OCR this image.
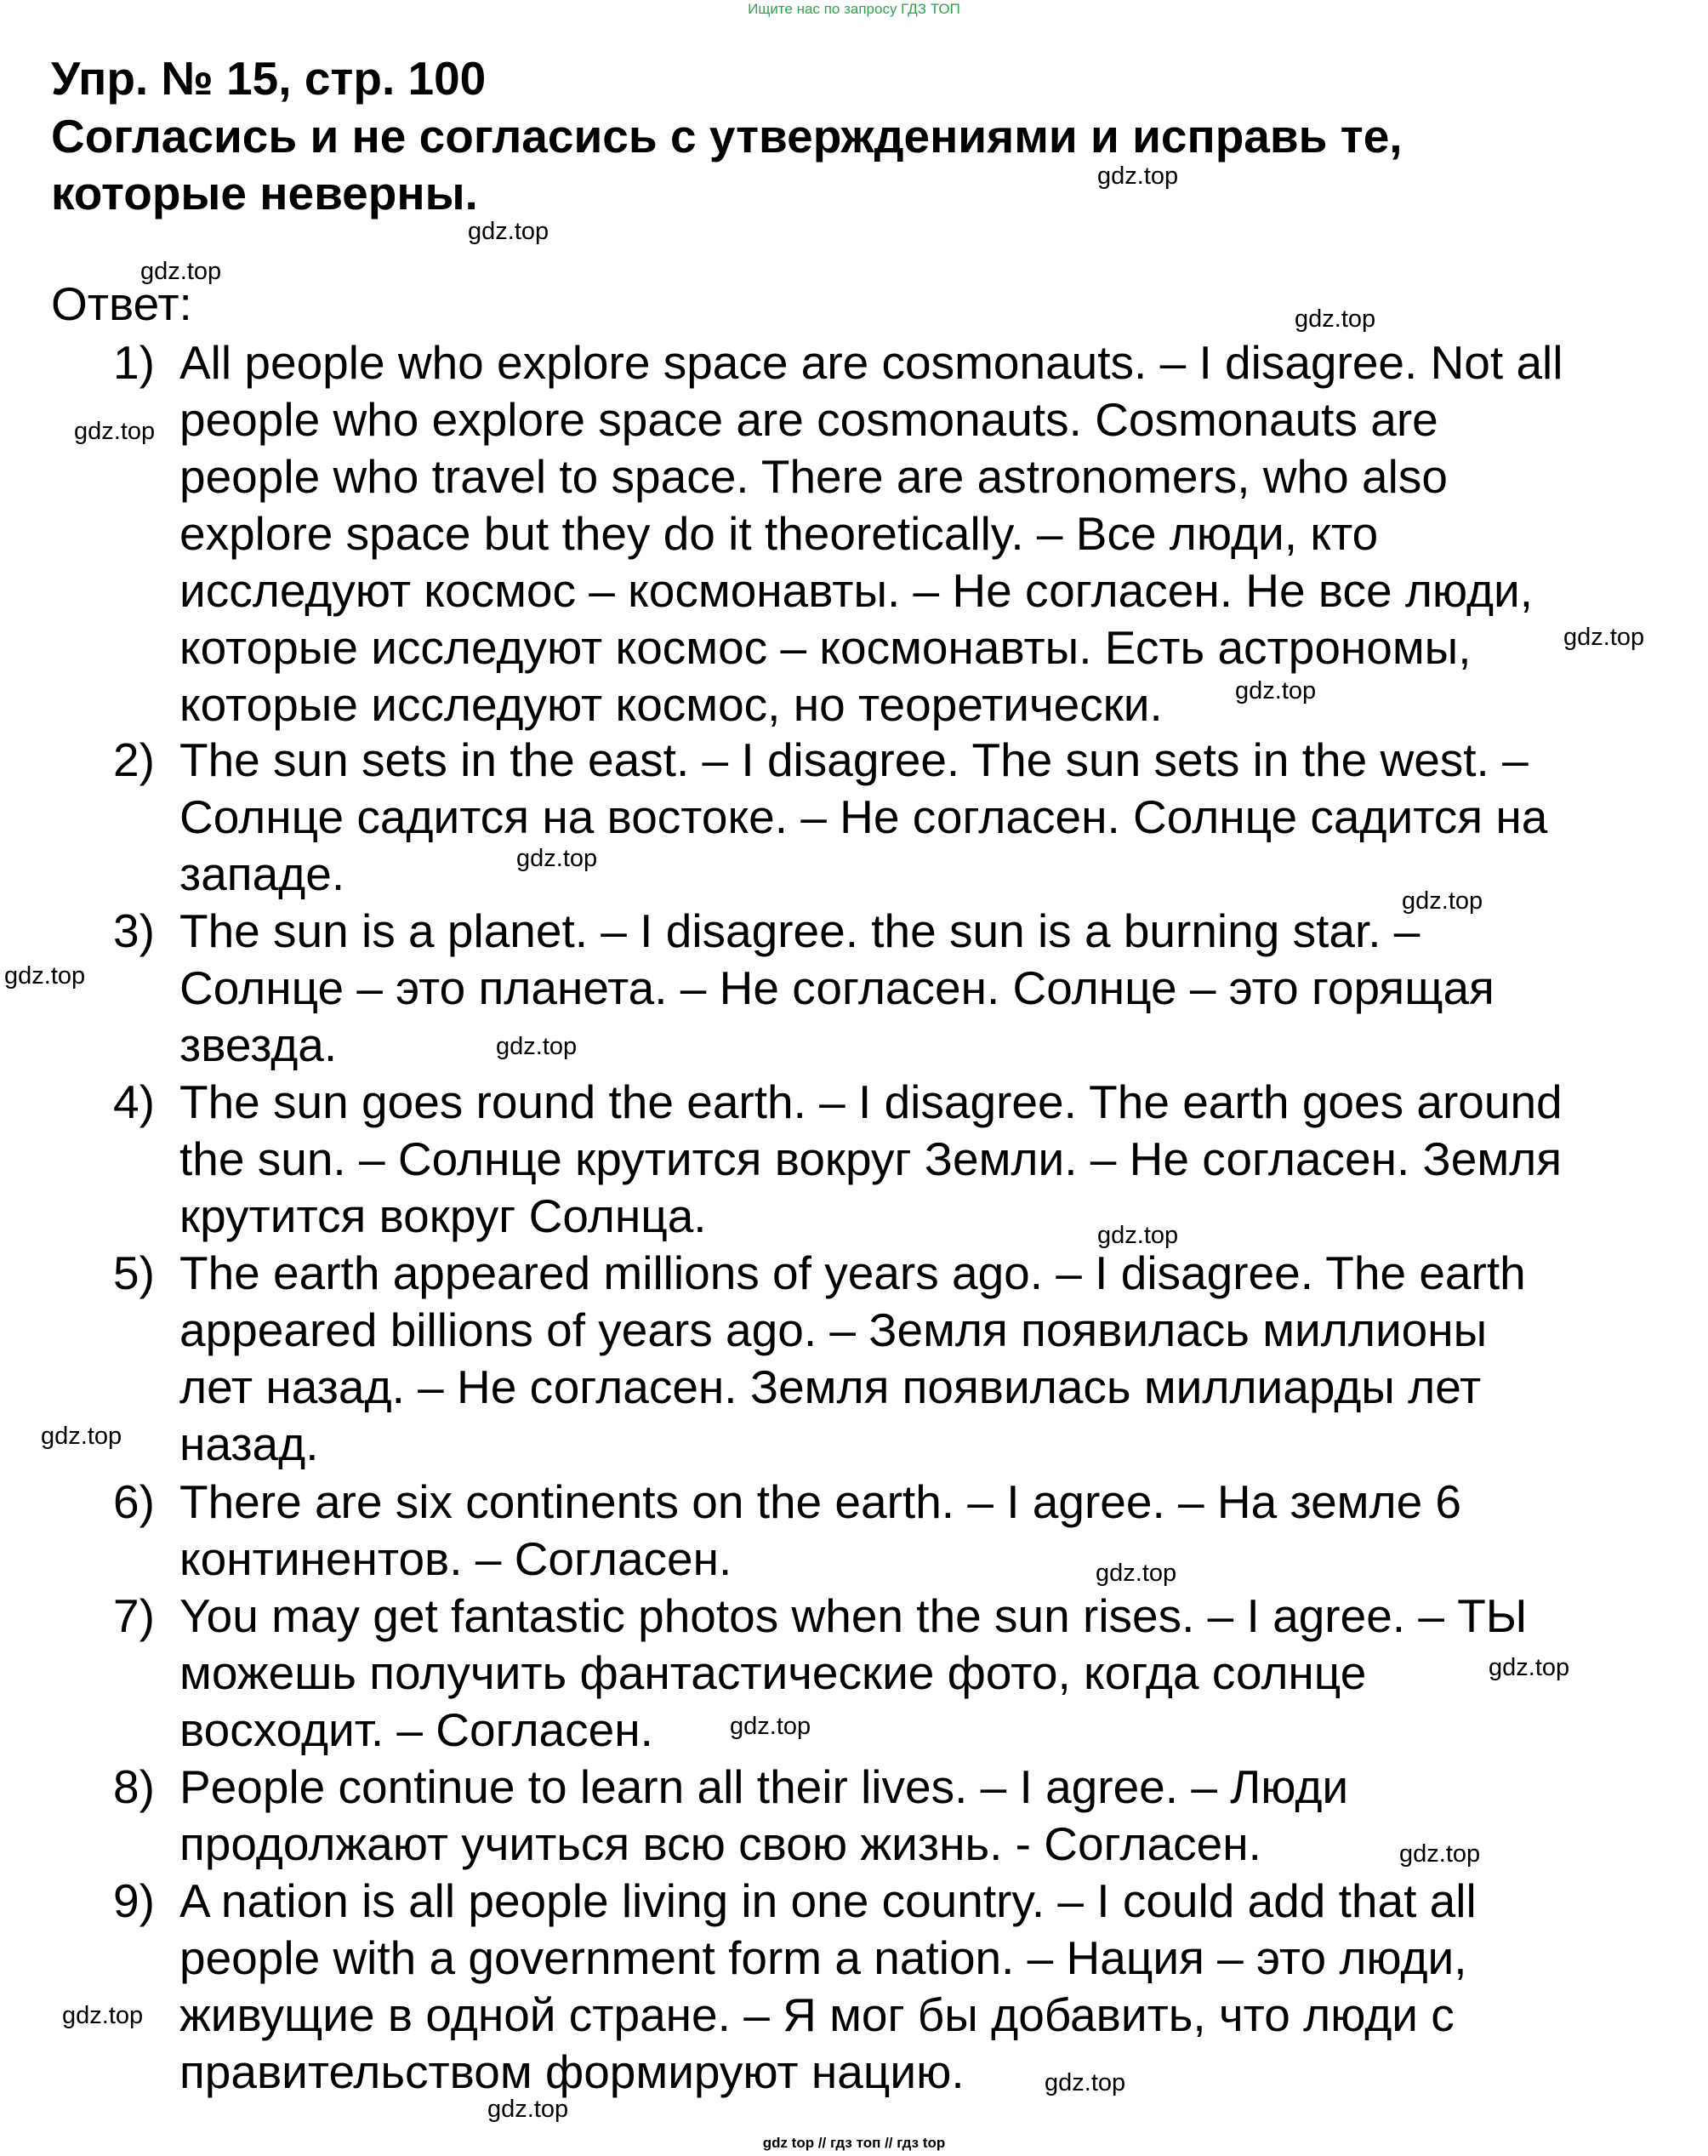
Ищите нас по запросу ГДЗ ТОП
Упр. № 15, стр. 100
Согласись и не согласись с утверждениями и исправь те,
которые неверны.
Ответ:
1) All people who explore space are cosmonauts. – I disagree. Not all
people who explore space are cosmonauts. Cosmonauts are
people who travel to space. There are astronomers, who also
explore space but they do it theoretically. – Все люди, кто
исследуют космос – космонавты. – Не согласен. Не все люди,
которые исследуют космос – космонавты. Есть астрономы,
которые исследуют космос, но теоретически.
2) The sun sets in the east. – I disagree. The sun sets in the west. –
Солнце садится на востоке. – Не согласен. Солнце садится на
западе.
3) The sun is a planet. – I disagree. the sun is a burning star. –
Солнце – это планета. – Не согласен. Солнце – это горящая
звезда.
4) The sun goes round the earth. – I disagree. The earth goes around
the sun. – Солнце крутится вокруг Земли. – Не согласен. Земля
крутится вокруг Солнца.
5) The earth appeared millions of years ago. – I disagree. The earth
appeared billions of years ago. – Земля появилась миллионы
лет назад. – Не согласен. Земля появилась миллиарды лет
назад.
6) There are six continents on the earth. – I agree. – На земле 6
континентов. – Согласен.
7) You may get fantastic photos when the sun rises. – I agree. – ТЫ
можешь получить фантастические фото, когда солнце
восходит. – Согласен.
8) People continue to learn all their lives. – I agree. – Люди
продолжают учиться всю свою жизнь. - Согласен.
9) A nation is all people living in one country. – I could add that all
people with a government form a nation. – Нация – это люди,
живущие в одной стране. – Я мог бы добавить, что люди с
правительством формируют нацию.
gdz.top
gdz.top
gdz.top
gdz.top
gdz.top
gdz.top
gdz.top
gdz.top
gdz.top
gdz.top
gdz.top
gdz.top
gdz.top
gdz.top
gdz.top
gdz.top
gdz.top
gdz.top
gdz.top
gdz.top
gdz top // гдз топ // гдз top
